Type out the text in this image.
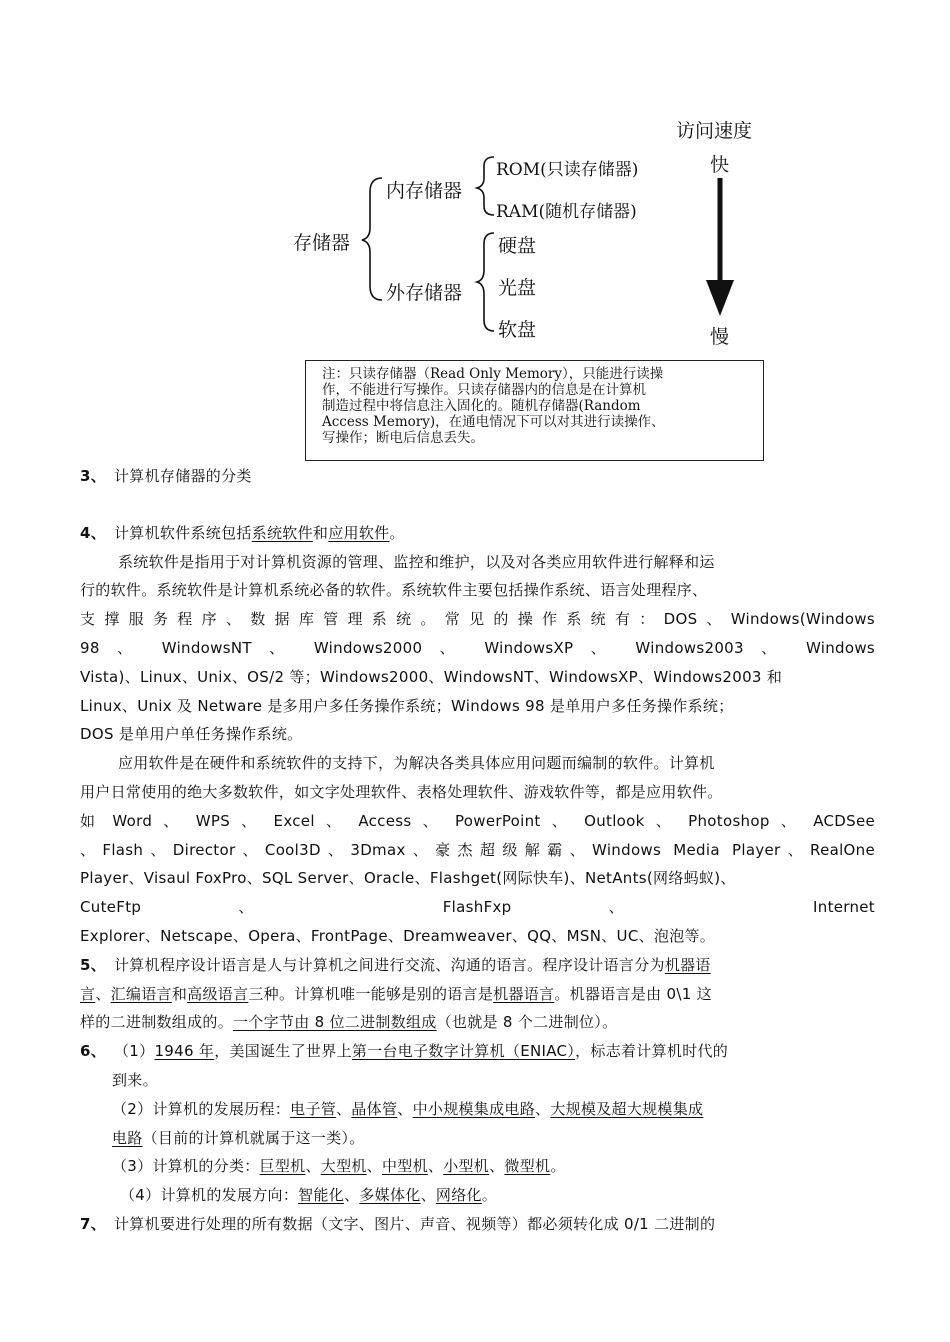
存储器
内存储器
外存储器
ROM(只读存储器)
RAM(随机存储器)
硬盘
光盘
软盘
访问速度
快
慢

注：只读存储器（Read Only Memory），只能进行读操

作，不能进行写操作。只读存储器内的信息是在计算机

制造过程中将信息注入固化的。随机存储器(Random

Access Memory)，在通电情况下可以对其进行读操作、

写操作；断电后信息丢失。

3、 计算机存储器的分类

4、 计算机软件系统包括系统软件和应用软件。

系统软件是指用于对计算机资源的管理、监控和维护，以及对各类应用软件进行解释和运

行的软件。系统软件是计算机系统必备的软件。系统软件主要包括操作系统、语言处理程序、

支撑服务程序、数据库管理系统。常见的操作系统有：DOS、Windows(Windows

98 、 WindowsNT 、 Windows2000 、 WindowsXP 、 Windows2003 、 Windows

Vista)、Linux、Unix、OS/2 等；Windows2000、WindowsNT、WindowsXP、Windows2003 和

Linux、Unix 及 Netware 是多用户多任务操作系统；Windows 98 是单用户多任务操作系统；

DOS 是单用户单任务操作系统。

应用软件是在硬件和系统软件的支持下，为解决各类具体应用问题而编制的软件。计算机

用户日常使用的绝大多数软件，如文字处理软件、表格处理软件、游戏软件等，都是应用软件。

如 Word 、 WPS 、 Excel 、 Access 、 PowerPoint 、 Outlook 、 Photoshop 、 ACDSee

、Flash、Director、Cool3D、3Dmax、豪杰超级解霸、Windows Media Player、RealOne

Player、Visaul FoxPro、SQL Server、Oracle、Flashget(网际快车)、NetAnts(网络蚂蚁)、

CuteFtp 、 FlashFxp 、 Internet

Explorer、Netscape、Opera、FrontPage、Dreamweaver、QQ、MSN、UC、泡泡等。

5、 计算机程序设计语言是人与计算机之间进行交流、沟通的语言。程序设计语言分为机器语

言、汇编语言和高级语言三种。计算机唯一能够是别的语言是机器语言。机器语言是由 0\1 这

样的二进制数组成的。一个字节由 8 位二进制数组成（也就是 8 个二进制位）。

6、 （1）1946 年，美国诞生了世界上第一台电子数字计算机（ENIAC），标志着计算机时代的

到来。

（2）计算机的发展历程：电子管、晶体管、中小规模集成电路、大规模及超大规模集成

电路（目前的计算机就属于这一类）。

（3）计算机的分类：巨型机、大型机、中型机、小型机、微型机。

（4）计算机的发展方向：智能化、多媒体化、网络化。

7、 计算机要进行处理的所有数据（文字、图片、声音、视频等）都必须转化成 0/1 二进制的
